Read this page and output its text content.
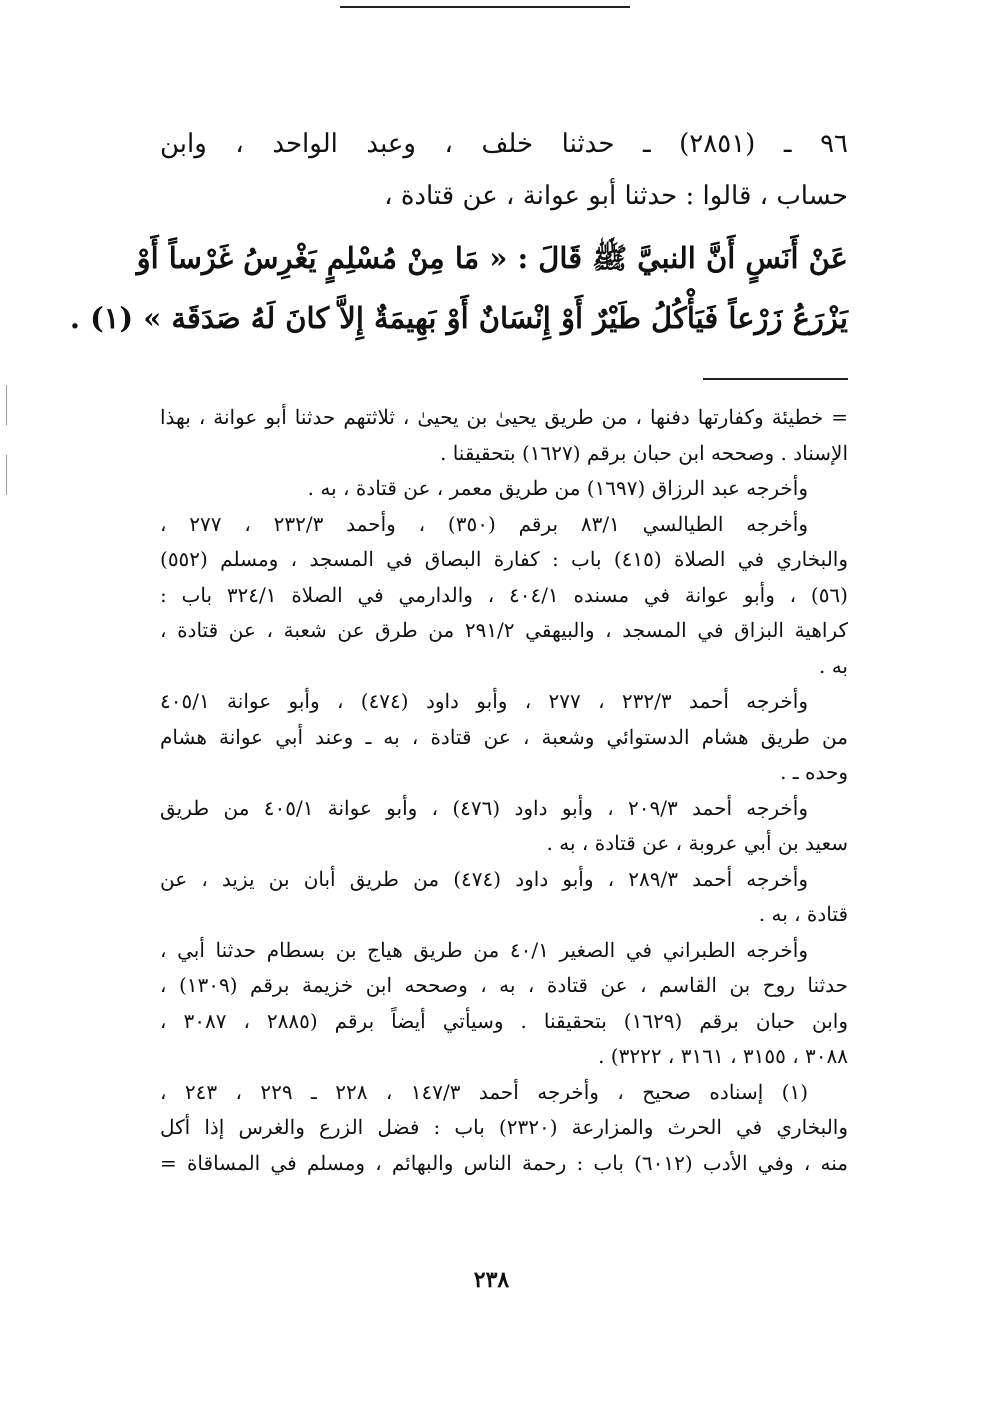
٩٦ ـ (٢٨٥١) ـ حدثنا خلف ، وعبد الواحد ، وابن
حساب ، قالوا : حدثنا أبو عوانة ، عن قتادة ،
عَنْ أَنَسٍ أَنَّ النبيَّ ﷺ قَالَ : « مَا مِنْ مُسْلِمٍ يَغْرِسُ غَرْساً أَوْ
يَزْرَعُ زَرْعاً فَيَأْكُلُ طَيْرٌ أَوْ إِنْسَانٌ أَوْ بَهِيمَةٌ إِلاَّ كانَ لَهُ صَدَقَة » (١) .
= خطيئة وكفارتها دفنها ، من طريق يحيىٰ بن يحيىٰ ، ثلاثتهم حدثنا أبو عوانة ، بهذا
الإسناد . وصححه ابن حبان برقم (١٦٢٧) بتحقيقنا .
وأخرجه عبد الرزاق (١٦٩٧) من طريق معمر ، عن قتادة ، به .
وأخرجه الطيالسي ٨٣/١ برقم (٣٥٠) ، وأحمد ٢٣٢/٣ ، ٢٧٧ ،
والبخاري في الصلاة (٤١٥) باب : كفارة البصاق في المسجد ، ومسلم (٥٥٢)
(٥٦) ، وأبو عوانة في مسنده ٤٠٤/١ ، والدارمي في الصلاة ٣٢٤/١ باب :
كراهية البزاق في المسجد ، والبيهقي ٢٩١/٢ من طرق عن شعبة ، عن قتادة ،
به .
وأخرجه أحمد ٢٣٢/٣ ، ٢٧٧ ، وأبو داود (٤٧٤) ، وأبو عوانة ٤٠٥/١
من طريق هشام الدستوائي وشعبة ، عن قتادة ، به ـ وعند أبي عوانة هشام
وحده ـ .
وأخرجه أحمد ٢٠٩/٣ ، وأبو داود (٤٧٦) ، وأبو عوانة ٤٠٥/١ من طريق
سعيد بن أبي عروبة ، عن قتادة ، به .
وأخرجه أحمد ٢٨٩/٣ ، وأبو داود (٤٧٤) من طريق أبان بن يزيد ، عن
قتادة ، به .
وأخرجه الطبراني في الصغير ٤٠/١ من طريق هياج بن بسطام حدثنا أبي ،
حدثنا روح بن القاسم ، عن قتادة ، به ، وصححه ابن خزيمة برقم (١٣٠٩) ،
وابن حبان برقم (١٦٢٩) بتحقيقنا . وسيأتي أيضاً برقم (٢٨٨٥ ، ٣٠٨٧ ،
٣٠٨٨ ، ٣١٥٥ ، ٣١٦١ ، ٣٢٢٢) .
(١) إسناده صحيح ، وأخرجه أحمد ١٤٧/٣ ، ٢٢٨ ـ ٢٢٩ ، ٢٤٣ ،
والبخاري في الحرث والمزارعة (٢٣٢٠) باب : فضل الزرع والغرس إذا أكل
منه ، وفي الأدب (٦٠١٢) باب : رحمة الناس والبهائم ، ومسلم في المساقاة =
٢٣٨
